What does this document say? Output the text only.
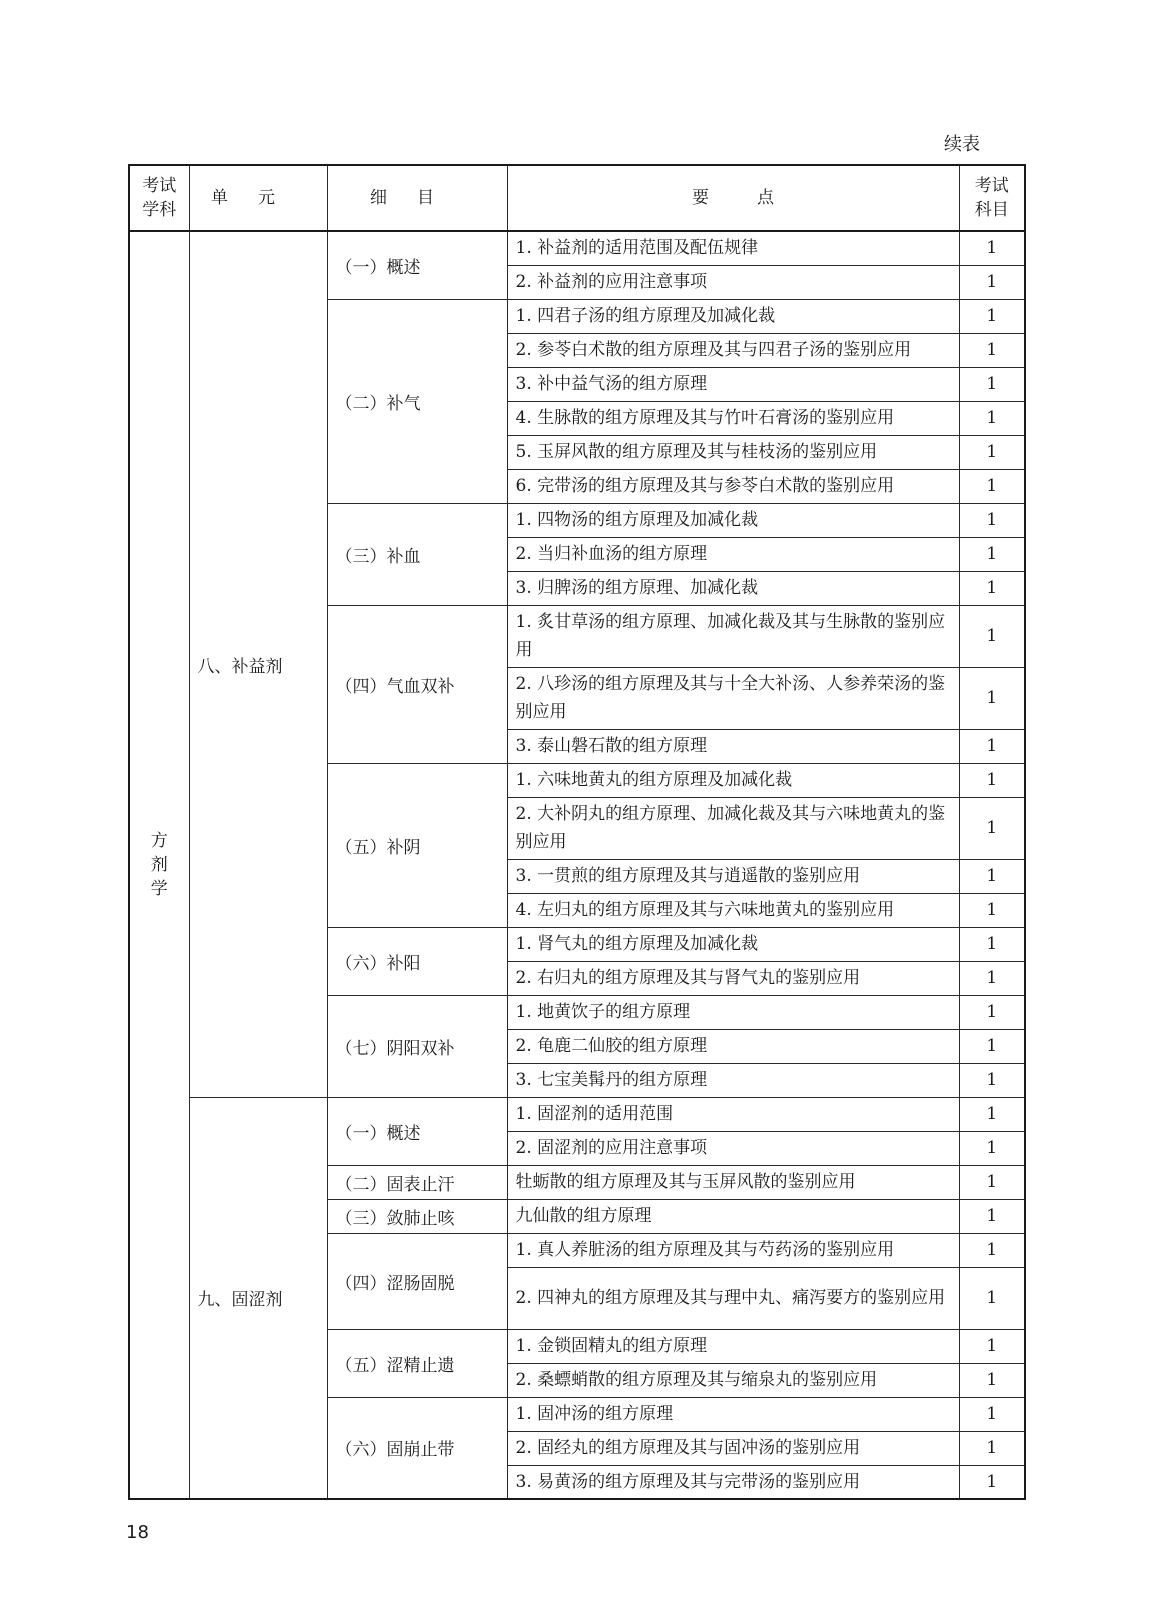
续表
考试学科	单元	细目	要点	考试科目
方剂学	八、补益剂	（一）概述	1. 补益剂的适用范围及配伍规律	1
			2. 补益剂的应用注意事项	1
		（二）补气	1. 四君子汤的组方原理及加减化裁	1
			2. 参苓白术散的组方原理及其与四君子汤的鉴别应用	1
			3. 补中益气汤的组方原理	1
			4. 生脉散的组方原理及其与竹叶石膏汤的鉴别应用	1
			5. 玉屏风散的组方原理及其与桂枝汤的鉴别应用	1
			6. 完带汤的组方原理及其与参苓白术散的鉴别应用	1
		（三）补血	1. 四物汤的组方原理及加减化裁	1
			2. 当归补血汤的组方原理	1
			3. 归脾汤的组方原理、加减化裁	1
		（四）气血双补	1. 炙甘草汤的组方原理、加减化裁及其与生脉散的鉴别应用	1
			2. 八珍汤的组方原理及其与十全大补汤、人参养荣汤的鉴别应用	1
			3. 泰山磐石散的组方原理	1
		（五）补阴	1. 六味地黄丸的组方原理及加减化裁	1
			2. 大补阴丸的组方原理、加减化裁及其与六味地黄丸的鉴别应用	1
			3. 一贯煎的组方原理及其与逍遥散的鉴别应用	1
			4. 左归丸的组方原理及其与六味地黄丸的鉴别应用	1
		（六）补阳	1. 肾气丸的组方原理及加减化裁	1
			2. 右归丸的组方原理及其与肾气丸的鉴别应用	1
		（七）阴阳双补	1. 地黄饮子的组方原理	1
			2. 龟鹿二仙胶的组方原理	1
			3. 七宝美髯丹的组方原理	1
	九、固涩剂	（一）概述	1. 固涩剂的适用范围	1
			2. 固涩剂的应用注意事项	1
		（二）固表止汗	牡蛎散的组方原理及其与玉屏风散的鉴别应用	1
		（三）敛肺止咳	九仙散的组方原理	1
		（四）涩肠固脱	1. 真人养脏汤的组方原理及其与芍药汤的鉴别应用	1
			2. 四神丸的组方原理及其与理中丸、痛泻要方的鉴别应用	1
		（五）涩精止遗	1. 金锁固精丸的组方原理	1
			2. 桑螵蛸散的组方原理及其与缩泉丸的鉴别应用	1
		（六）固崩止带	1. 固冲汤的组方原理	1
			2. 固经丸的组方原理及其与固冲汤的鉴别应用	1
			3. 易黄汤的组方原理及其与完带汤的鉴别应用	1
18
